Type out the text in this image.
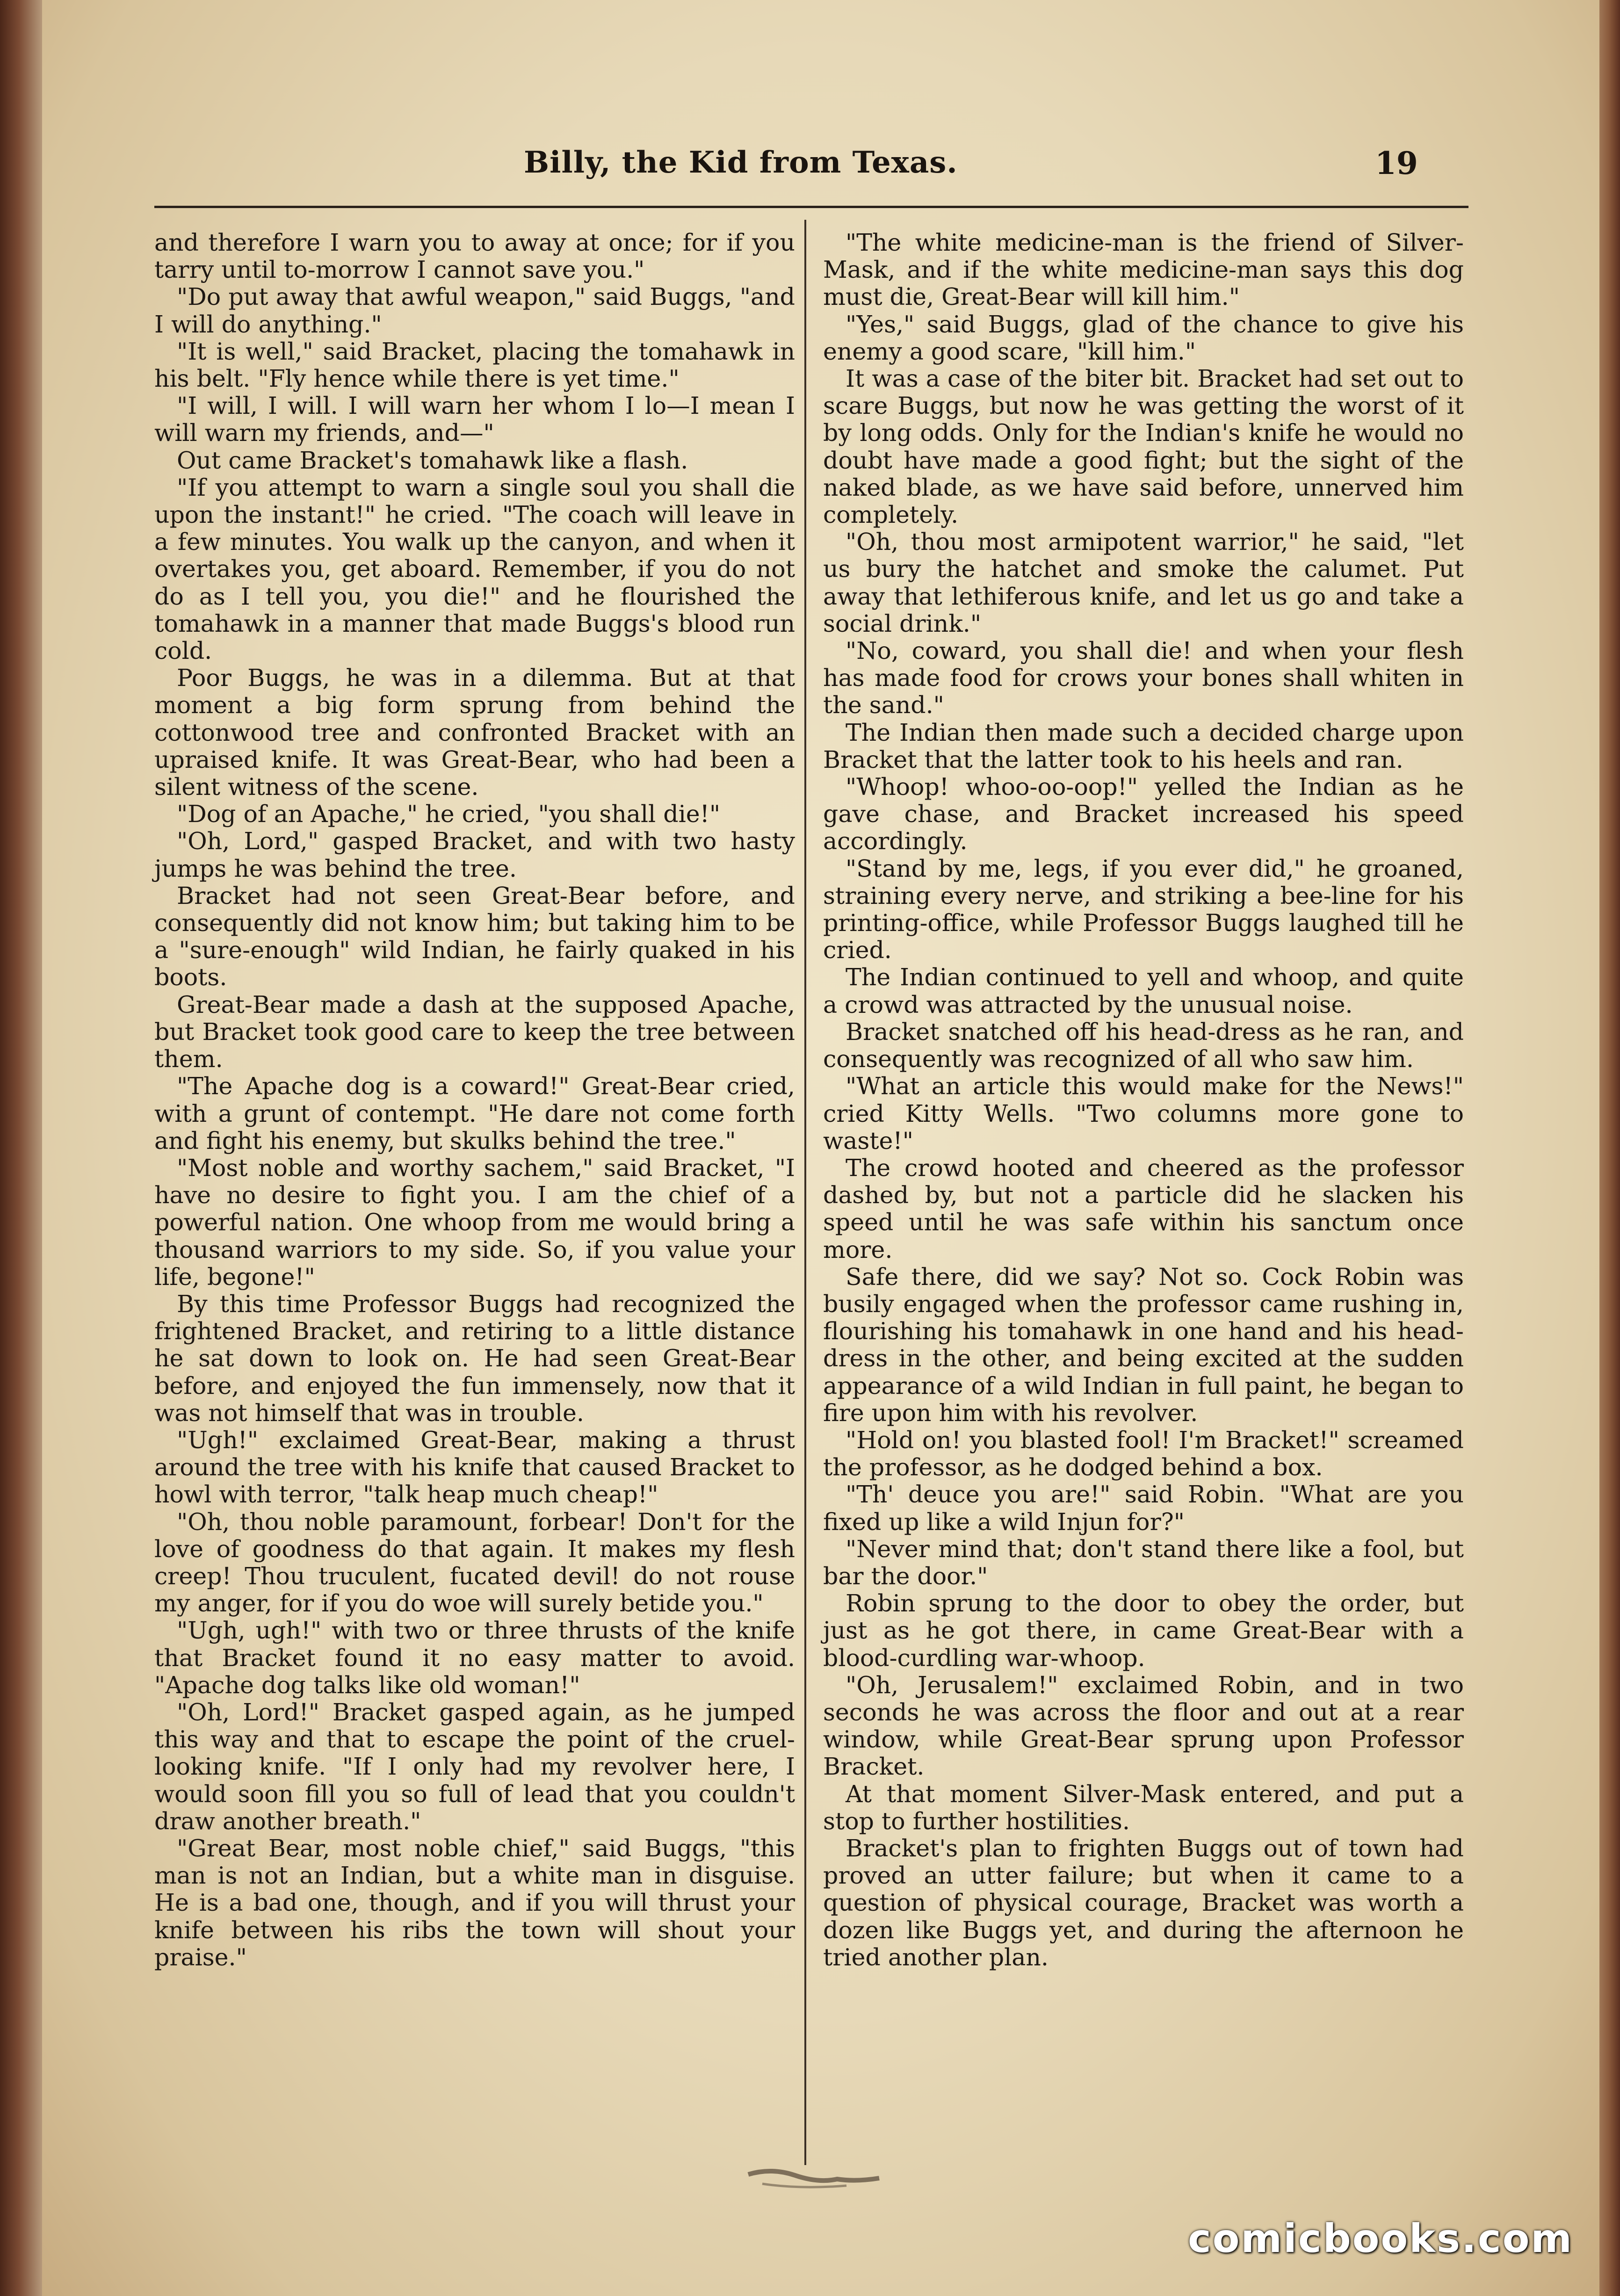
Billy, the Kid from Texas.	19

and therefore I warn you to away at once; for if you tarry until to-morrow I cannot save you."

"Do put away that awful weapon," said Buggs, "and I will do anything."

"It is well," said Bracket, placing the tomahawk in his belt. "Fly hence while there is yet time."

"I will, I will. I will warn her whom I lo—I mean I will warn my friends, and—"

Out came Bracket's tomahawk like a flash.

"If you attempt to warn a single soul you shall die upon the instant!" he cried. "The coach will leave in a few minutes. You walk up the canyon, and when it overtakes you, get aboard. Remember, if you do not do as I tell you, you die!" and he flourished the tomahawk in a manner that made Buggs's blood run cold.

Poor Buggs, he was in a dilemma. But at that moment a big form sprung from behind the cottonwood tree and confronted Bracket with an upraised knife. It was Great-Bear, who had been a silent witness of the scene.

"Dog of an Apache," he cried, "you shall die!"

"Oh, Lord," gasped Bracket, and with two hasty jumps he was behind the tree.

Bracket had not seen Great-Bear before, and consequently did not know him; but taking him to be a "sure-enough" wild Indian, he fairly quaked in his boots.

Great-Bear made a dash at the supposed Apache, but Bracket took good care to keep the tree between them.

"The Apache dog is a coward!" Great-Bear cried, with a grunt of contempt. "He dare not come forth and fight his enemy, but skulks behind the tree."

"Most noble and worthy sachem," said Bracket, "I have no desire to fight you. I am the chief of a powerful nation. One whoop from me would bring a thousand warriors to my side. So, if you value your life, begone!"

By this time Professor Buggs had recognized the frightened Bracket, and retiring to a little distance he sat down to look on. He had seen Great-Bear before, and enjoyed the fun immensely, now that it was not himself that was in trouble.

"Ugh!" exclaimed Great-Bear, making a thrust around the tree with his knife that caused Bracket to howl with terror, "talk heap much cheap!"

"Oh, thou noble paramount, forbear! Don't for the love of goodness do that again. It makes my flesh creep! Thou truculent, fucated devil! do not rouse my anger, for if you do woe will surely betide you."

"Ugh, ugh!" with two or three thrusts of the knife that Bracket found it no easy matter to avoid. "Apache dog talks like old woman!"

"Oh, Lord!" Bracket gasped again, as he jumped this way and that to escape the point of the cruel-looking knife. "If I only had my revolver here, I would soon fill you so full of lead that you couldn't draw another breath."

"Great Bear, most noble chief," said Buggs, "this man is not an Indian, but a white man in disguise. He is a bad one, though, and if you will thrust your knife between his ribs the town will shout your praise."

"The white medicine-man is the friend of Silver-Mask, and if the white medicine-man says this dog must die, Great-Bear will kill him."

"Yes," said Buggs, glad of the chance to give his enemy a good scare, "kill him."

It was a case of the biter bit. Bracket had set out to scare Buggs, but now he was getting the worst of it by long odds. Only for the Indian's knife he would no doubt have made a good fight; but the sight of the naked blade, as we have said before, unnerved him completely.

"Oh, thou most armipotent warrior," he said, "let us bury the hatchet and smoke the calumet. Put away that lethiferous knife, and let us go and take a social drink."

"No, coward, you shall die! and when your flesh has made food for crows your bones shall whiten in the sand."

The Indian then made such a decided charge upon Bracket that the latter took to his heels and ran.

"Whoop! whoo-oo-oop!" yelled the Indian as he gave chase, and Bracket increased his speed accordingly.

"Stand by me, legs, if you ever did," he groaned, straining every nerve, and striking a bee-line for his printing-office, while Professor Buggs laughed till he cried.

The Indian continued to yell and whoop, and quite a crowd was attracted by the unusual noise.

Bracket snatched off his head-dress as he ran, and consequently was recognized of all who saw him.

"What an article this would make for the News!" cried Kitty Wells. "Two columns more gone to waste!"

The crowd hooted and cheered as the professor dashed by, but not a particle did he slacken his speed until he was safe within his sanctum once more.

Safe there, did we say? Not so. Cock Robin was busily engaged when the professor came rushing in, flourishing his tomahawk in one hand and his head-dress in the other, and being excited at the sudden appearance of a wild Indian in full paint, he began to fire upon him with his revolver.

"Hold on! you blasted fool! I'm Bracket!" screamed the professor, as he dodged behind a box.

"Th' deuce you are!" said Robin. "What are you fixed up like a wild Injun for?"

"Never mind that; don't stand there like a fool, but bar the door."

Robin sprung to the door to obey the order, but just as he got there, in came Great-Bear with a blood-curdling war-whoop.

"Oh, Jerusalem!" exclaimed Robin, and in two seconds he was across the floor and out at a rear window, while Great-Bear sprung upon Professor Bracket.

At that moment Silver-Mask entered, and put a stop to further hostilities.

Bracket's plan to frighten Buggs out of town had proved an utter failure; but when it came to a question of physical courage, Bracket was worth a dozen like Buggs yet, and during the afternoon he tried another plan.

comicbooks.com
